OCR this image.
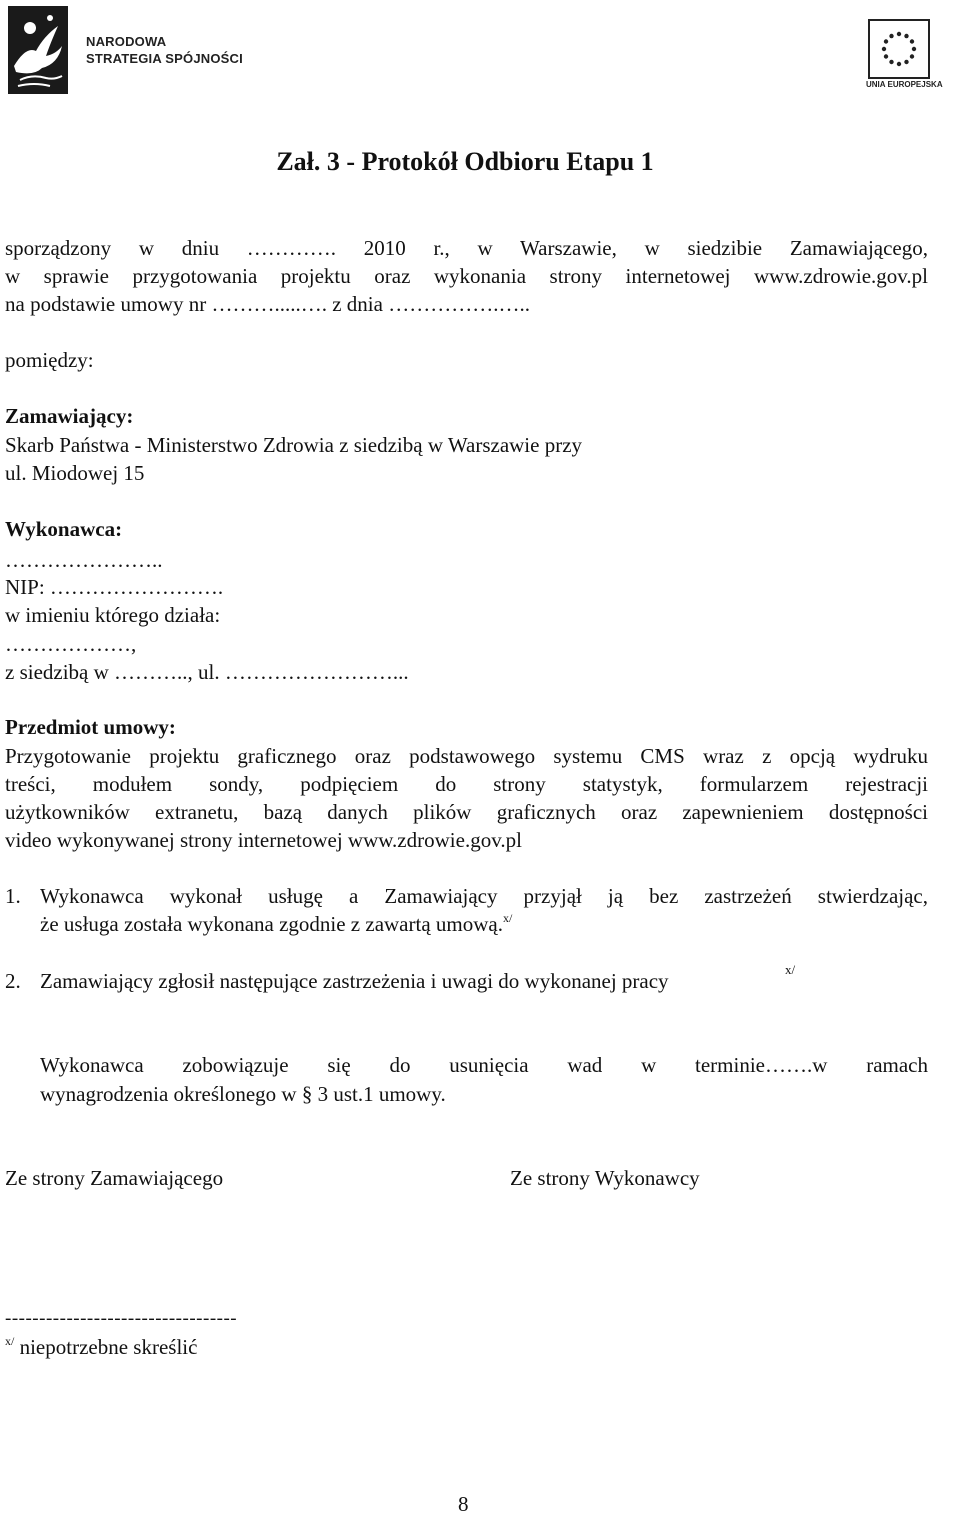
NARODOWA
STRATEGIA SPÓJNOŚCI
UNIA EUROPEJSKA
Zał. 3 - Protokół Odbioru Etapu 1
sporządzony w dniu …………. 2010 r., w Warszawie, w siedzibie Zamawiającego,
w sprawie przygotowania projektu oraz wykonania strony internetowej www.zdrowie.gov.pl
na podstawie umowy nr ……….....…. z dnia …………….…..
pomiędzy:
Zamawiający:
Skarb Państwa - Ministerstwo Zdrowia z siedzibą w Warszawie przy
ul. Miodowej 15
Wykonawca:
…………………..
NIP: …………………….
w imieniu którego działa:
………………,
z siedzibą w ……….., ul. ……………………...
Przedmiot umowy:
Przygotowanie projektu graficznego oraz podstawowego systemu CMS wraz z opcją wydruku
treści, modułem sondy, podpięciem do strony statystyk, formularzem rejestracji
użytkowników extranetu, bazą danych plików graficznych oraz zapewnieniem dostępności
video wykonywanej strony internetowej www.zdrowie.gov.pl
1. Wykonawca wykonał usługę a Zamawiający przyjął ją bez zastrzeżeń stwierdzając,
że usługa została wykonana zgodnie z zawartą umową.$^{x/}$
2. Zamawiający zgłosił następujące zastrzeżenia i uwagi do wykonanej pracy	x/
Wykonawca zobowiązuje się do usunięcia wad w terminie…….w ramach
wynagrodzenia określonego w § 3 ust.1 umowy.
Ze strony Zamawiającego	Ze strony Wykonawcy
----------------------------------
$^{x/}$ niepotrzebne skreślić
8
